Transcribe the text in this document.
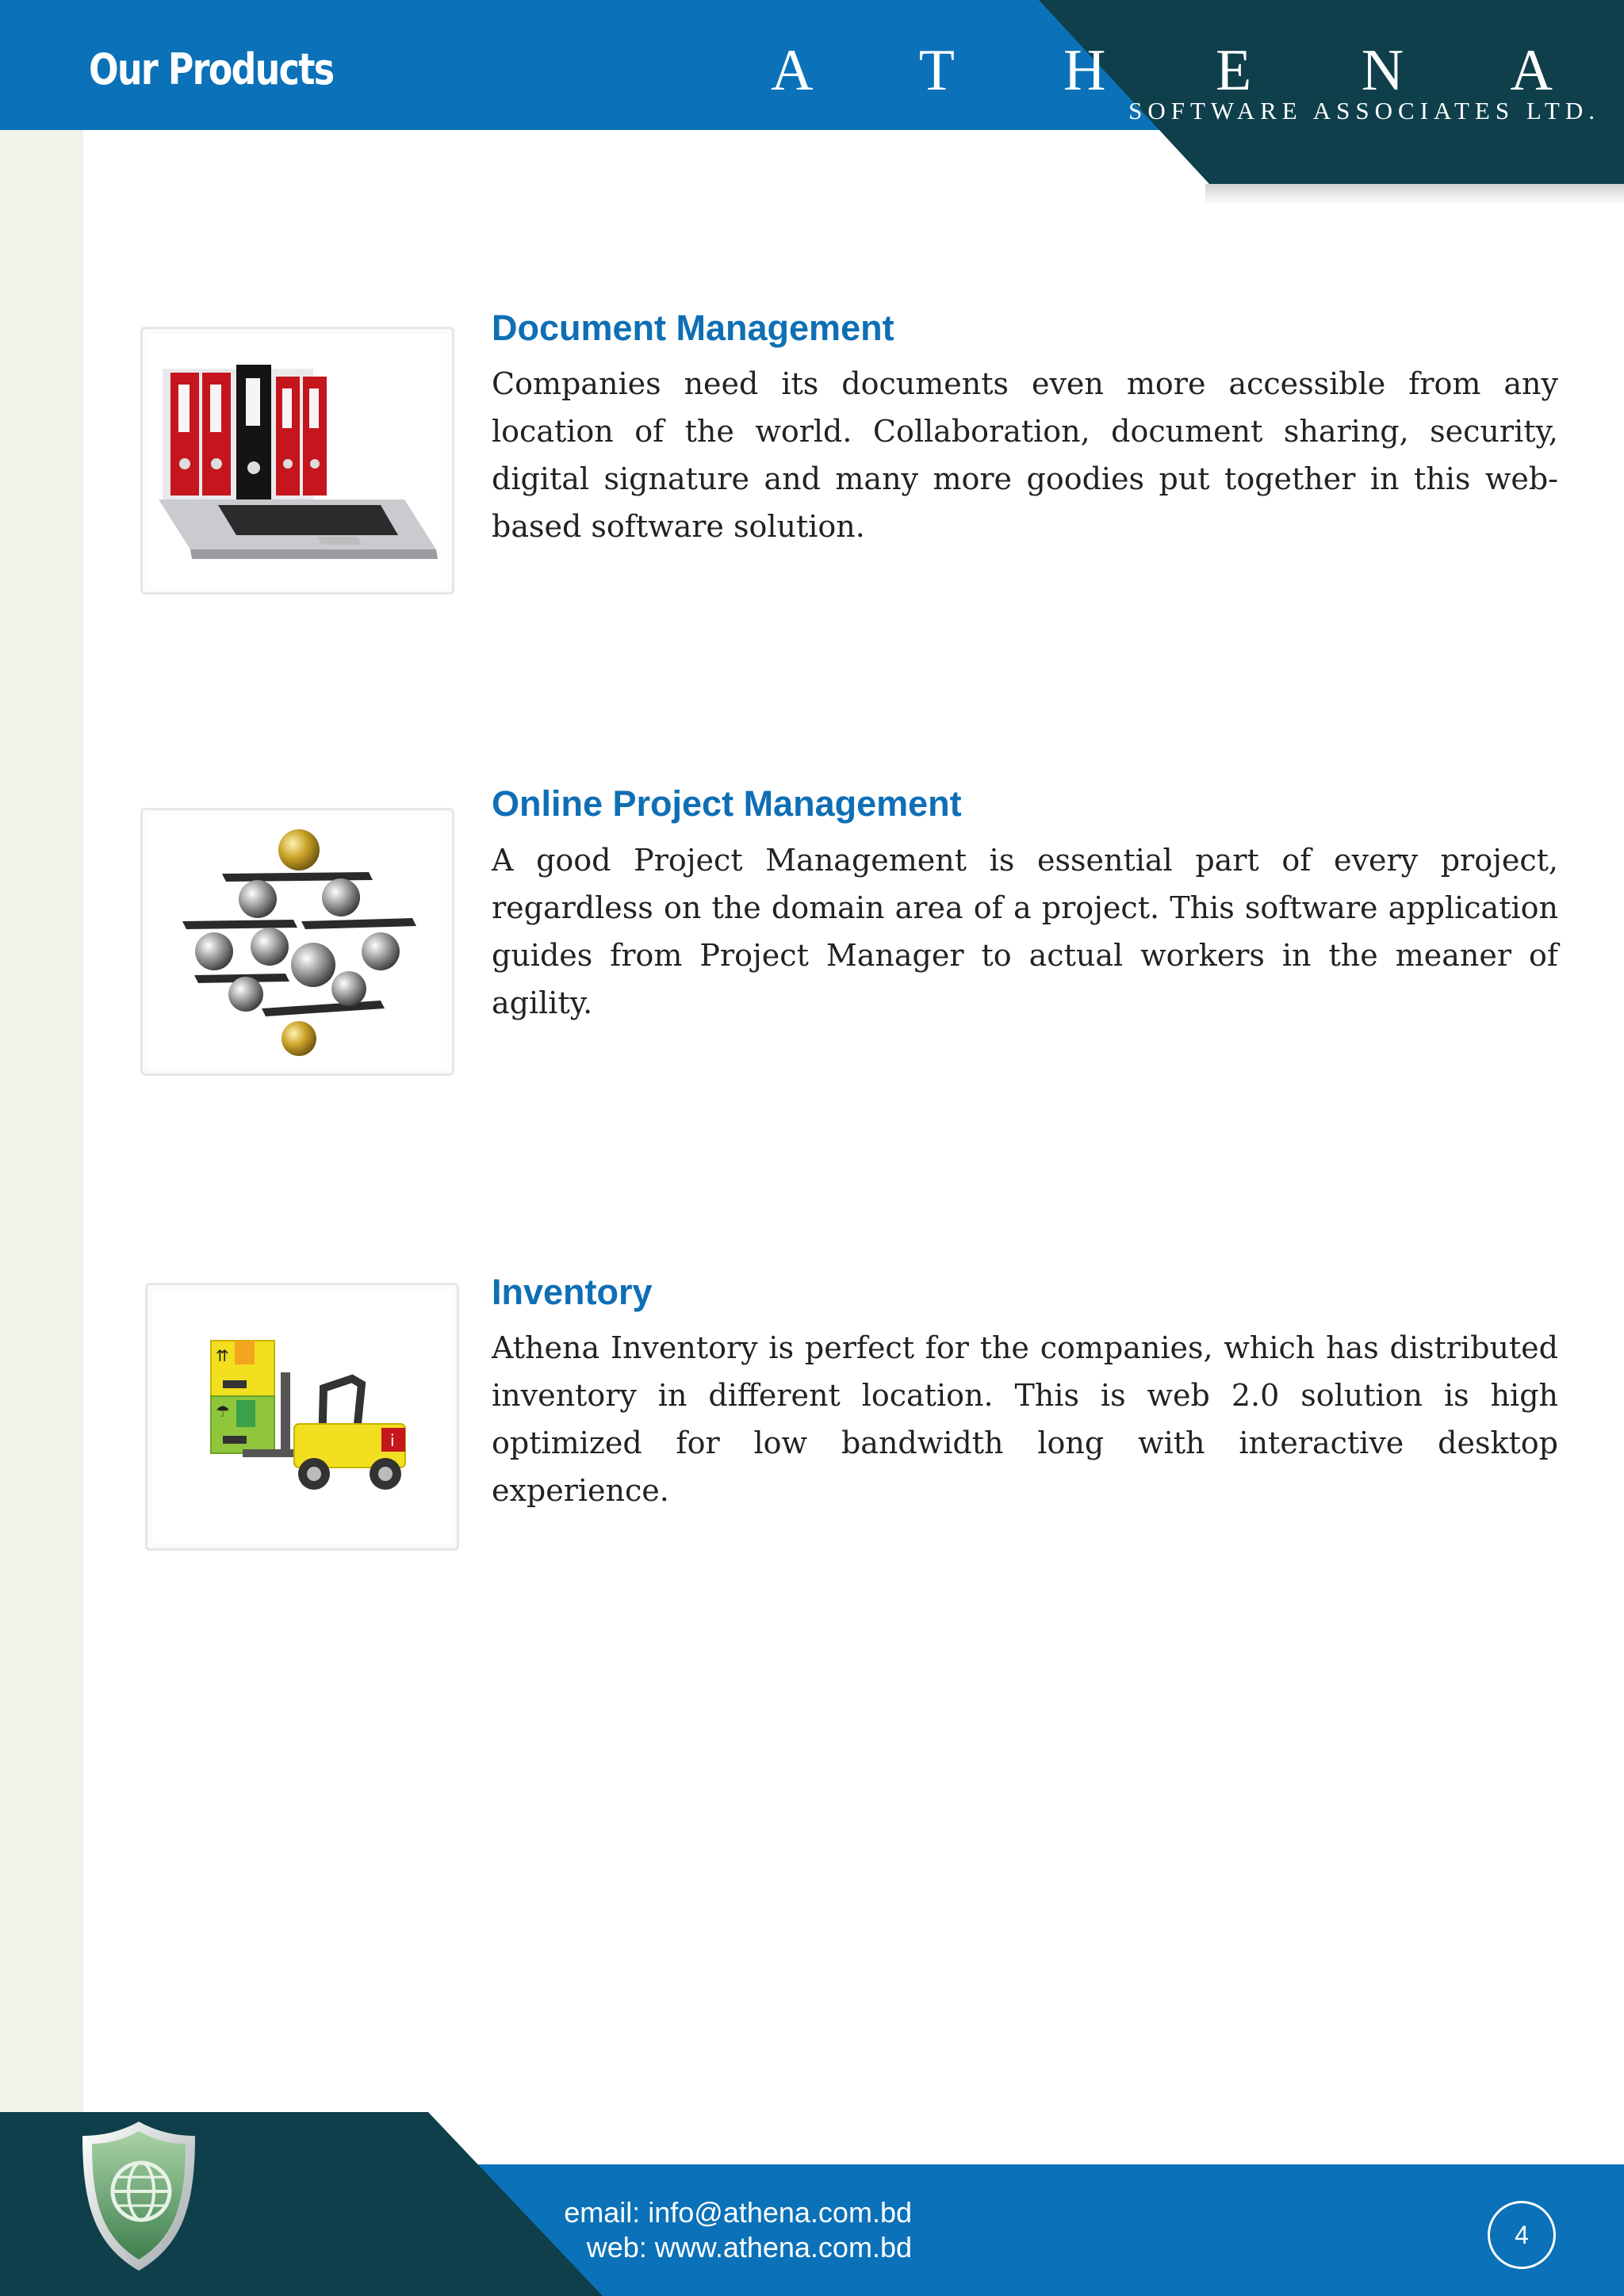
Our Products	A T H E N A
SOFTWARE ASSOCIATES LTD.
Document Management
Companies need its documents even more accessible from any location of the world. Collaboration, document sharing, security, digital signature and many more goodies put together in this web-based software solution.
Online Project Management
A good Project Management is essential part of every project, regardless on the domain area of a project. This software application guides from Project Manager to actual workers in the meaner of agility.
⇈
☂
i
Inventory
Athena Inventory is perfect for the companies, which has distributed inventory in different location. This is web 2.0 solution is high optimized for low bandwidth long with interactive desktop experience.
email: info@athena.com.bd
web: www.athena.com.bd	4
